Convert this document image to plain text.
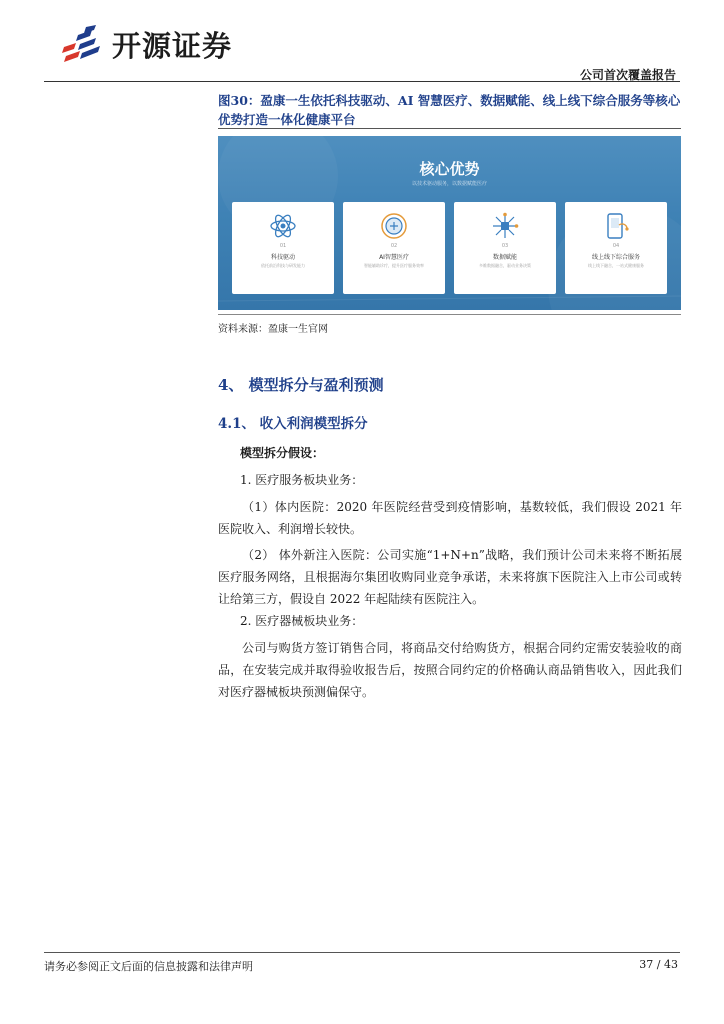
开源证券
公司首次覆盖报告
图30：盈康一生依托科技驱动、AI 智慧医疗、数据赋能、线上线下综合服务等核心优势打造一体化健康平台
核心优势
以技术驱动服务，以数据赋能医疗
01
科技驱动
依托前沿科技与研发能力
02
AI智慧医疗
智能辅助诊疗，提升医疗服务效率
03
数据赋能
多维数据融合，驱动业务决策
04
线上线下综合服务
线上线下融合，一站式健康服务
资料来源：盈康一生官网
4、 模型拆分与盈利预测
4.1、 收入利润模型拆分
模型拆分假设：
1. 医疗服务板块业务：
（1）体内医院：2020 年医院经营受到疫情影响，基数较低，我们假设 2021 年医院收入、利润增长较快。
（2） 体外新注入医院：公司实施“1+N+n”战略，我们预计公司未来将不断拓展医疗服务网络，且根据海尔集团收购同业竞争承诺，未来将旗下医院注入上市公司或转让给第三方，假设自 2022 年起陆续有医院注入。
2. 医疗器械板块业务：
公司与购货方签订销售合同，将商品交付给购货方，根据合同约定需安装验收的商品，在安装完成并取得验收报告后，按照合同约定的价格确认商品销售收入，因此我们对医疗器械板块预测偏保守。
请务必参阅正文后面的信息披露和法律声明	37 / 43
